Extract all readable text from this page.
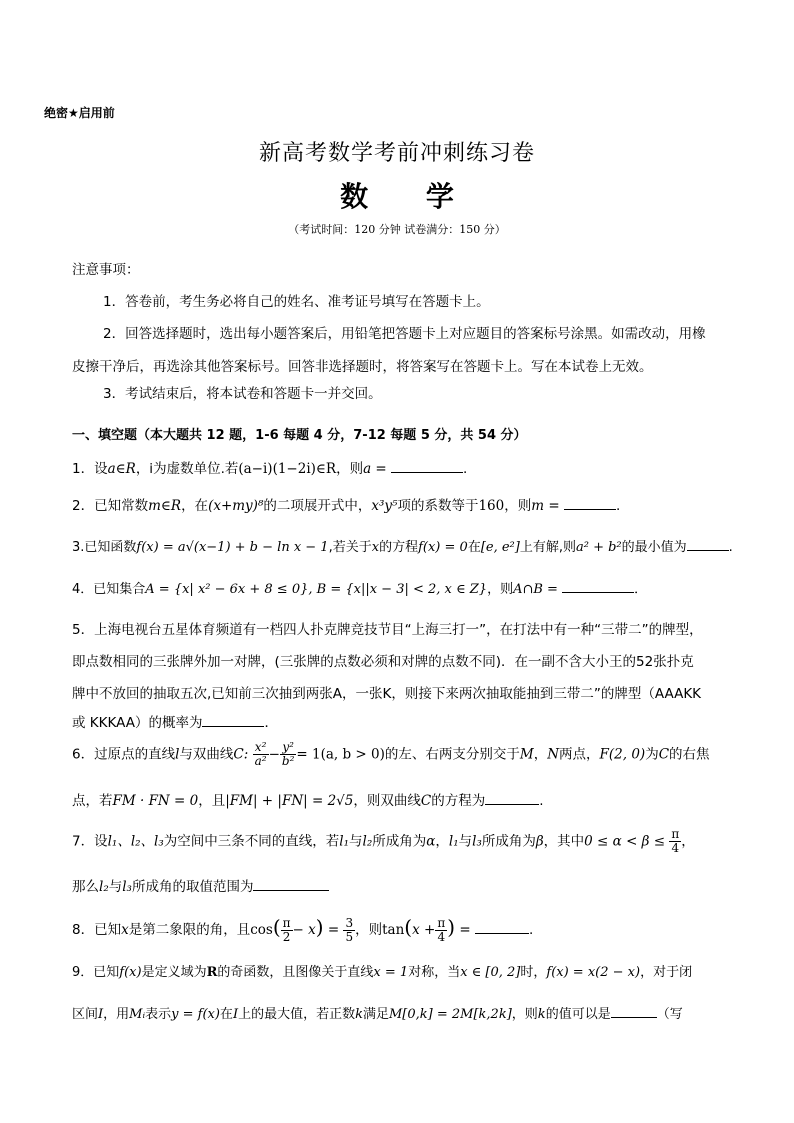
绝密★启用前
新高考数学考前冲刺练习卷
数 学
（考试时间：120 分钟 试卷满分：150 分）
注意事项：
1．答卷前，考生务必将自己的姓名、准考证号填写在答题卡上。
2．回答选择题时，选出每小题答案后，用铅笔把答题卡上对应题目的答案标号涂黑。如需改动，用橡
皮擦干净后，再选涂其他答案标号。回答非选择题时，将答案写在答题卡上。写在本试卷上无效。
3．考试结束后，将本试卷和答题卡一并交回。
一、填空题（本大题共 12 题，1-6 每题 4 分，7-12 每题 5 分，共 54 分）
1．设a∈R，i为虚数单位.若(a−i)(1−2i)∈R，则a =	.
2．已知常数m∈R，在(x+my)⁸的二项展开式中，x³y⁵项的系数等于160，则m =	.
3.已知函数f(x) = a√(x−1) + b − ln x − 1,若关于x的方程f(x) = 0在[e, e²]上有解,则a² + b²的最小值为	.
4．已知集合A = {x| x² − 6x + 8 ≤ 0}, B = {x||x − 3| < 2, x ∈ Z}，则A∩B =	．
5．上海电视台五星体育频道有一档四人扑克牌竞技节目“上海三打一”，在打法中有一种“三带二”的牌型，
即点数相同的三张牌外加一对牌，(三张牌的点数必须和对牌的点数不同)．在一副不含大小王的52张扑克
牌中不放回的抽取五次,已知前三次抽到两张A，一张K，则接下来两次抽取能抽到三带二”的牌型（AAAKK
或 KKKAA）的概率为	．
6．过原点的直线l与双曲线C: $\frac{\text{x²}}{\text{a²}} - \frac{\text{y²}}{\text{b²}} = 1(a$, b > 0)的左、右两支分别交于M，N两点，F(2, 0)为C的右焦
点，若FM · FN = 0，且|FM| + |FN| = 2√5，则双曲线C的方程为	.
7．设l₁、l₂、l₃为空间中三条不同的直线，若l₁与l₂所成角为α，l₁与l₃所成角为β，其中$0 \le \alpha < \beta \le \frac{\pi}{4}$ ，
那么l₂与l₃所成角的取值范围为
8．已知x是第二象限的角，且$\cos( \frac{\pi}{2} - x) = \frac{3}{5}$ ，则$\tan(x + \frac{\pi}{4}$ ) =	.
9．已知f(x)是定义域为R的奇函数，且图像关于直线x = 1对称，当x ∈ [0, 2]时，f(x) = x(2 − x)，对于闭
区间I，用Mᵢ表示y = f(x)在I上的最大值，若正数k满足M[0,k] = 2M[k,2k]，则k的值可以是	（写
